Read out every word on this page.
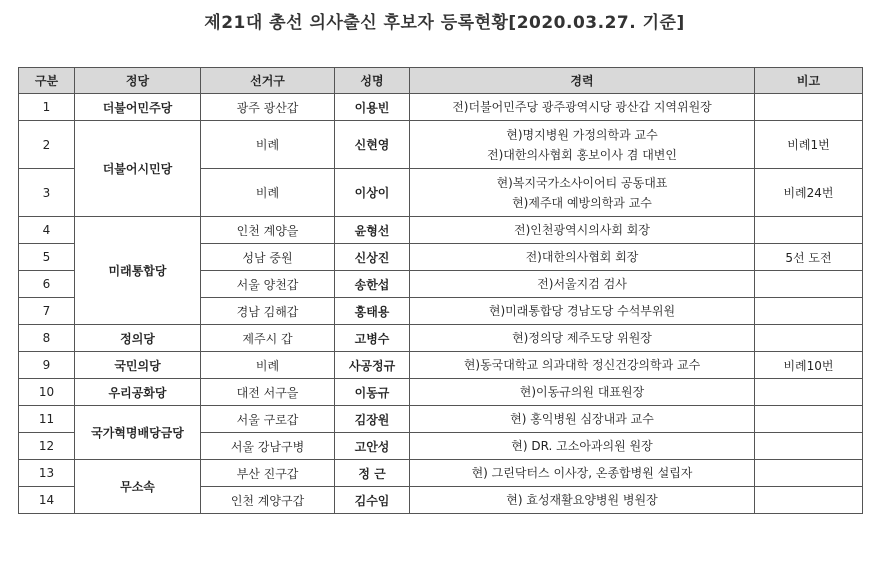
제21대 총선 의사출신 후보자 등록현황[2020.03.27. 기준]
구분	정당	선거구	성명	경력	비고
1	더불어민주당	광주 광산갑	이용빈	전)더불어민주당 광주광역시당 광산갑 지역위원장	

2	더불어시민당	비례	신현영	현)명지병원 가정의학과 교수
전)대한의사협회 홍보이사 겸 대변인	비례1번
3		비례	이상이	현)복지국가소사이어티 공동대표
현)제주대 예방의학과 교수	비례24번
4	미래통합당	인천 계양을	윤형선	전)인천광역시의사회 회장	

5		성남 중원	신상진	전)대한의사협회 회장	5선 도전
6		서울 양천갑	송한섭	전)서울지검 검사	

7		경남 김해갑	홍태용	현)미래통합당 경남도당 수석부위원	

8	정의당	제주시 갑	고병수	현)정의당 제주도당 위원장	

9	국민의당	비례	사공정규	현)동국대학교 의과대학 정신건강의학과 교수	비례10번
10	우리공화당	대전 서구을	이동규	현)이동규의원 대표원장	

11	국가혁명배당금당	서울 구로갑	김장원	현) 홍익병원 심장내과 교수	

12		서울 강남구병	고안성	현) DR. 고소아과의원 원장	

13	무소속	부산 진구갑	정 근	현) 그린닥터스 이사장, 온종합병원 설립자	

14		인천 계양구갑	김수임	현) 효성재활요양병원 병원장	
